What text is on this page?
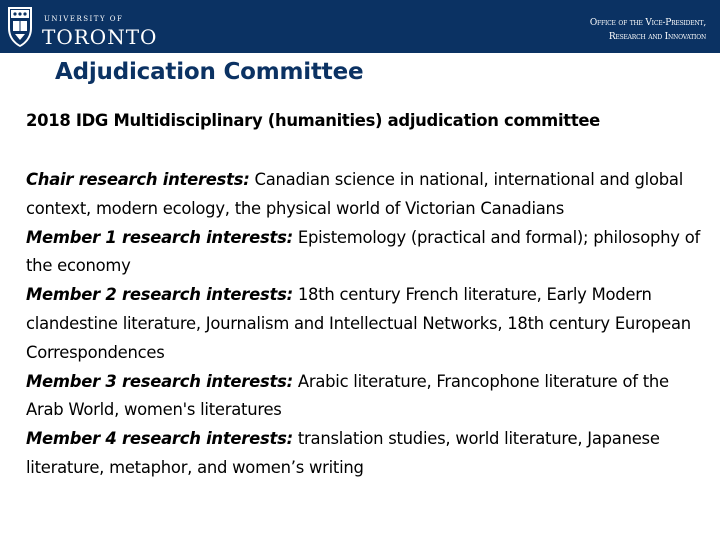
UNIVERSITY OF
TORONTO
Office of the Vice-President,
Research and Innovation
Adjudication Committee

2018 IDG Multidisciplinary (humanities) adjudication committee

Chair research interests: Canadian science in national, international and global context, modern ecology, the physical world of Victorian Canadians
Member 1 research interests: Epistemology (practical and formal); philosophy of the economy
Member 2 research interests: 18th century French literature, Early Modern clandestine literature, Journalism and Intellectual Networks, 18th century European Correspondences
Member 3 research interests: Arabic literature, Francophone literature of the Arab World, women's literatures
Member 4 research interests: translation studies, world literature, Japanese literature, metaphor, and women’s writing
